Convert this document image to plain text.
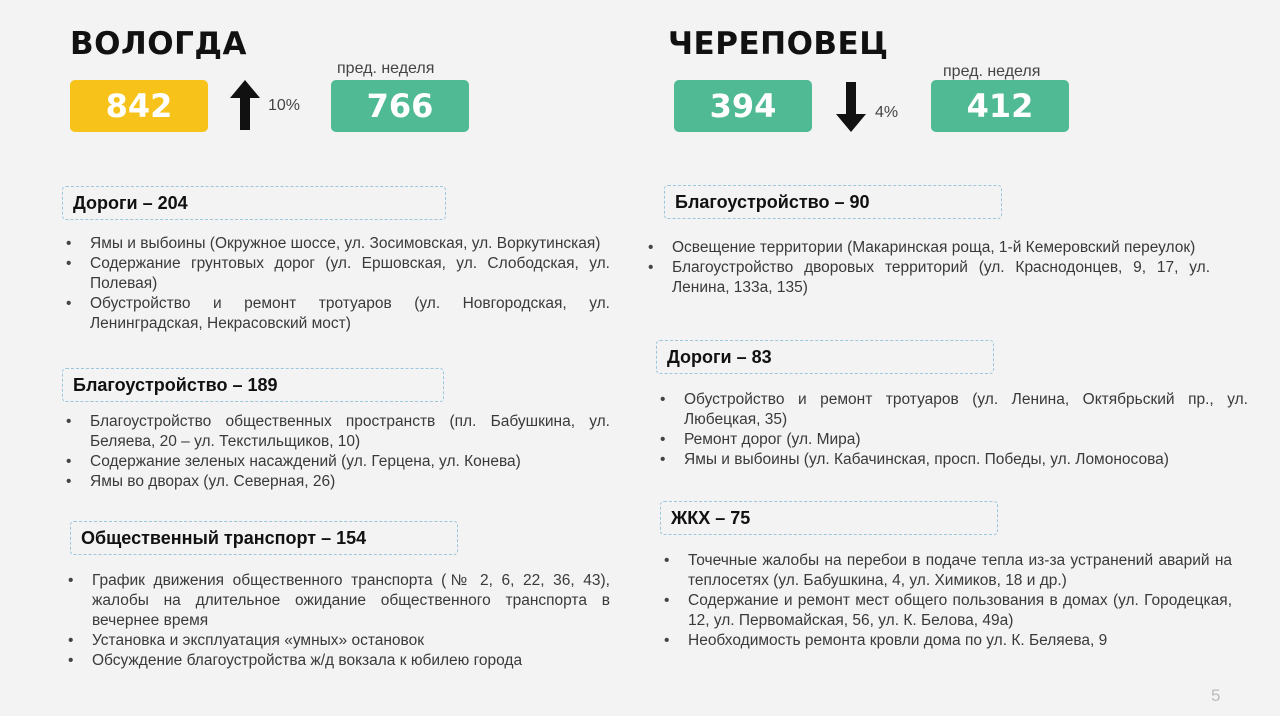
ВОЛОГДА
842	10%
пред. неделя
766
Дороги – 204
• Ямы и выбоины (Окружное шоссе, ул. Зосимовская, ул. Воркутинская)
• Содержание грунтовых дорог (ул. Ершовская, ул. Слободская, ул. Полевая)
• Обустройство и ремонт тротуаров (ул. Новгородская, ул. Ленинградская, Некрасовский мост)
Благоустройство – 189
• Благоустройство общественных пространств (пл. Бабушкина, ул. Беляева, 20 – ул. Текстильщиков, 10)
• Содержание зеленых насаждений (ул. Герцена, ул. Конева)
• Ямы во дворах (ул. Северная, 26)
Общественный транспорт – 154
• График движения общественного транспорта (№ 2, 6, 22, 36, 43), жалобы на длительное ожидание общественного транспорта в вечернее время
• Установка и эксплуатация «умных» остановок
• Обсуждение благоустройства ж/д вокзала к юбилею города
ЧЕРЕПОВЕЦ
394	4%
пред. неделя
412
Благоустройство – 90
• Освещение территории (Макаринская роща, 1-й Кемеровский переулок)
• Благоустройство дворовых территорий (ул. Краснодонцев, 9, 17, ул. Ленина, 133а, 135)
Дороги – 83
• Обустройство и ремонт тротуаров (ул. Ленина, Октябрьский пр., ул. Любецкая, 35)
• Ремонт дорог (ул. Мира)
• Ямы и выбоины (ул. Кабачинская, просп. Победы, ул. Ломоносова)
ЖКХ – 75
• Точечные жалобы на перебои в подаче тепла из-за устранений аварий на теплосетях (ул. Бабушкина, 4, ул. Химиков, 18 и др.)
• Содержание и ремонт мест общего пользования в домах (ул. Городецкая, 12, ул. Первомайская, 56, ул. К. Белова, 49а)
• Необходимость ремонта кровли дома по ул. К. Беляева, 9
5
